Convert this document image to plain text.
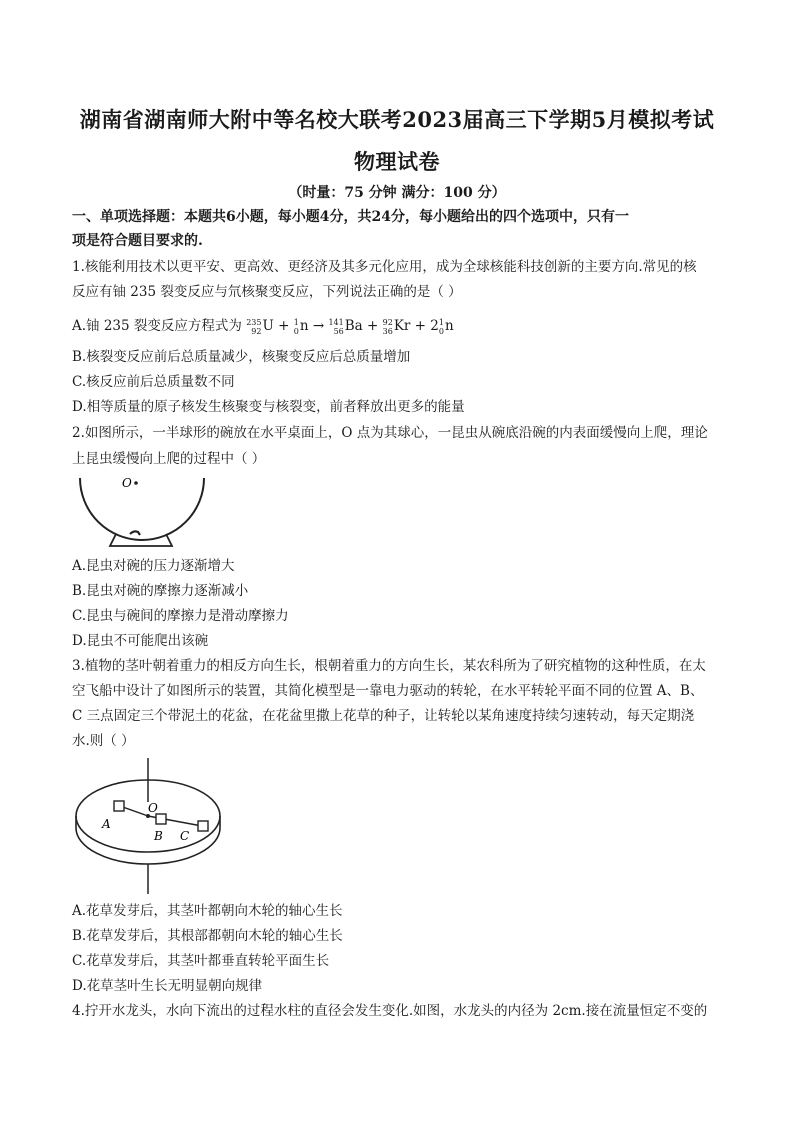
湖南省湖南师大附中等名校大联考2023届高三下学期5月模拟考试
物理试卷
（时量：75 分钟 满分：100 分）
一、单项选择题：本题共6小题，每小题4分，共24分，每小题给出的四个选项中，只有一
项是符合题目要求的.
1.核能利用技术以更平安、更高效、更经济及其多元化应用，成为全球核能科技创新的主要方向.常见的核
反应有铀 235 裂变反应与氘核聚变反应，下列说法正确的是（ ）
A.铀 235 裂变反应方程式为 235
92 U + 1
0 n → 141
56 Ba + 92
36 Kr + 2 1
0 n
B.核裂变反应前后总质量减少，核聚变反应后总质量增加
C.核反应前后总质量数不同
D.相等质量的原子核发生核聚变与核裂变，前者释放出更多的能量
2.如图所示，一半球形的碗放在水平桌面上，O 点为其球心，一昆虫从碗底沿碗的内表面缓慢向上爬，理论
上昆虫缓慢向上爬的过程中（ ）
O
A.昆虫对碗的压力逐渐增大
B.昆虫对碗的摩擦力逐渐减小
C.昆虫与碗间的摩擦力是滑动摩擦力
D.昆虫不可能爬出该碗
3.植物的茎叶朝着重力的相反方向生长，根朝着重力的方向生长，某农科所为了研究植物的这种性质，在太
空飞船中设计了如图所示的装置，其简化模型是一靠电力驱动的转轮，在水平转轮平面不同的位置 A、B、
C 三点固定三个带泥土的花盆，在花盆里撒上花草的种子，让转轮以某角速度持续匀速转动，每天定期浇
水.则（ ）
O
A
B C
A.花草发芽后，其茎叶都朝向木轮的轴心生长
B.花草发芽后，其根部都朝向木轮的轴心生长
C.花草发芽后，其茎叶都垂直转轮平面生长
D.花草茎叶生长无明显朝向规律
4.拧开水龙头，水向下流出的过程水柱的直径会发生变化.如图，水龙头的内径为 2cm.接在流量恒定不变的
